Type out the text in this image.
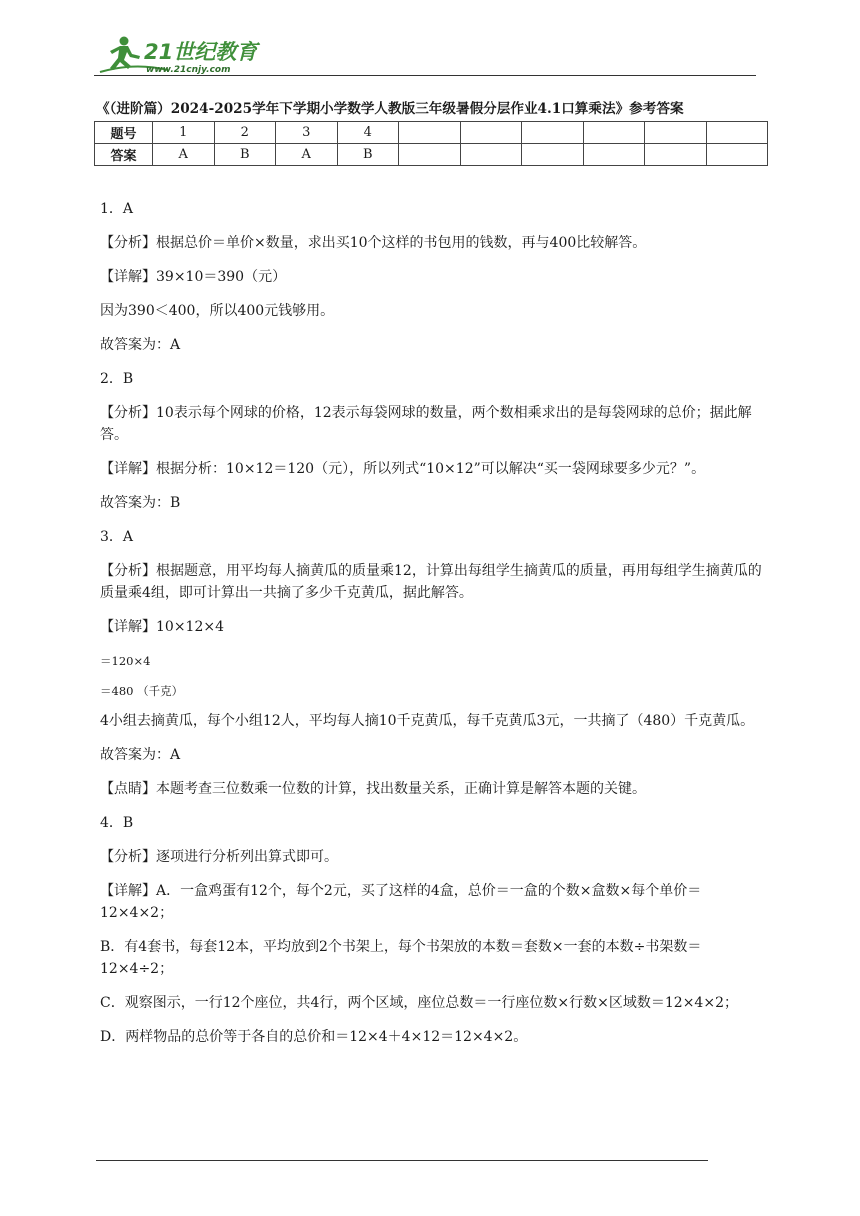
21世纪教育
www.21cnjy.com
《（进阶篇）2024-2025学年下学期小学数学人教版三年级暑假分层作业4.1口算乘法》参考答案
题号	1	2	3	4						
答案	A	B	A	B						

1．A

【分析】根据总价＝单价×数量，求出买10个这样的书包用的钱数，再与400比较解答。

【详解】39×10＝390（元）

因为390＜400，所以400元钱够用。

故答案为：A

2．B

【分析】10表示每个网球的价格，12表示每袋网球的数量，两个数相乘求出的是每袋网球的总价；据此解答。

【详解】根据分析：10×12＝120（元），所以列式“10×12”可以解决“买一袋网球要多少元？”。

故答案为：B

3．A

【分析】根据题意，用平均每人摘黄瓜的质量乘12，计算出每组学生摘黄瓜的质量，再用每组学生摘黄瓜的质量乘4组，即可计算出一共摘了多少千克黄瓜，据此解答。

【详解】10×12×4

＝120×4

＝480 （千克）

4小组去摘黄瓜，每个小组12人，平均每人摘10千克黄瓜，每千克黄瓜3元，一共摘了（480）千克黄瓜。

故答案为：A

【点睛】本题考查三位数乘一位数的计算，找出数量关系，正确计算是解答本题的关键。

4．B

【分析】逐项进行分析列出算式即可。

【详解】A．一盒鸡蛋有12个，每个2元，买了这样的4盒，总价＝一盒的个数×盒数×每个单价＝12×4×2；

B．有4套书，每套12本，平均放到2个书架上，每个书架放的本数＝套数×一套的本数÷书架数＝12×4÷2；

C．观察图示，一行12个座位，共4行，两个区域，座位总数＝一行座位数×行数×区域数＝12×4×2；

D．两样物品的总价等于各自的总价和＝12×4＋4×12＝12×4×2。
